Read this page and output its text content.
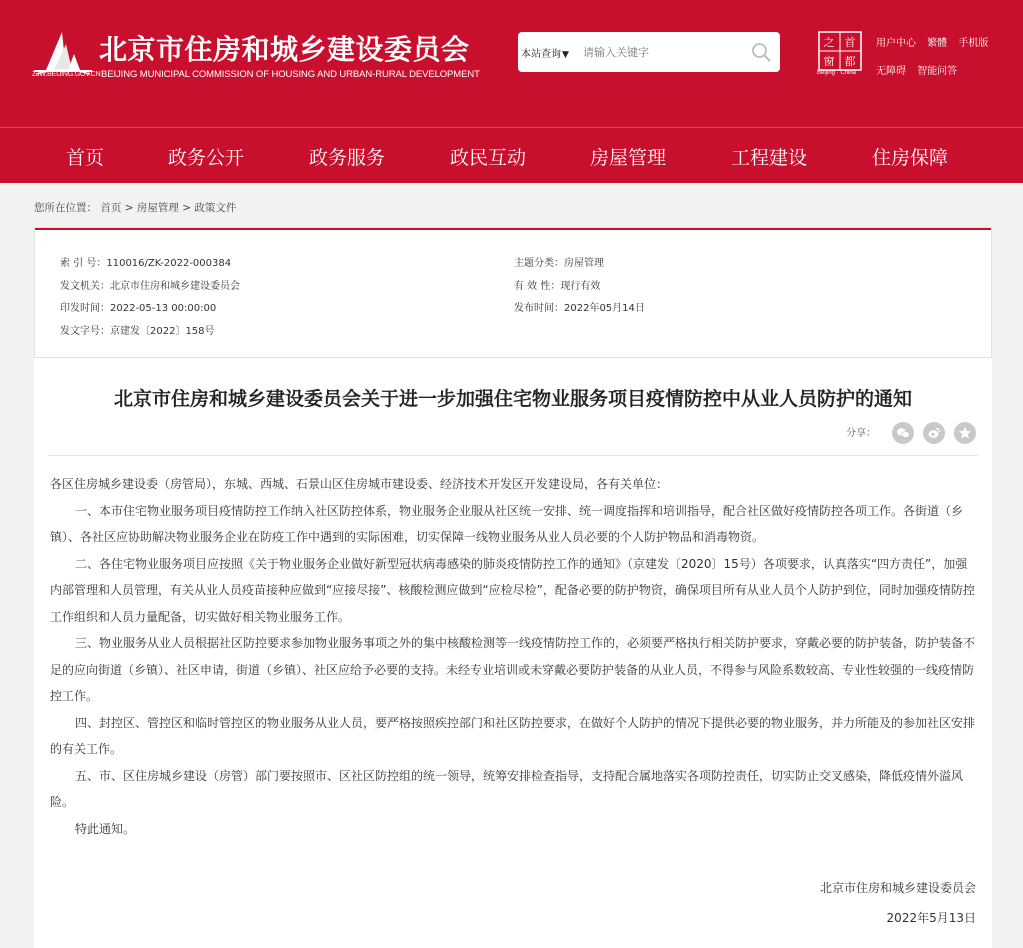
ZJW.BEIJING.GOV.CN
北京市住房和城乡建设委员会
BEIJING MUNICIPAL COMMISSION OF HOUSING AND URBAN-RURAL DEVELOPMENT
本站查询▼
请输入关键字
首
都
之
窗
Beijing · China
用户中心 繁體 手机版
无障碍 智能问答
首页	政务公开	政务服务	政民互动	房屋管理	工程建设	住房保障
您所在位置： 首页 > 房屋管理 > 政策文件
索 引 号：110016/ZK-2022-000384
发文机关：北京市住房和城乡建设委员会
印发时间：2022-05-13 00:00:00
发文字号：京建发〔2022〕158号
主题分类：房屋管理
有 效 性：现行有效
发布时间：2022年05月14日
北京市住房和城乡建设委员会关于进一步加强住宅物业服务项目疫情防控中从业人员防护的通知
分享：

各区住房城乡建设委（房管局），东城、西城、石景山区住房城市建设委、经济技术开发区开发建设局，各有关单位：

一、本市住宅物业服务项目疫情防控工作纳入社区防控体系，物业服务企业服从社区统一安排、统一调度指挥和培训指导，配合社区做好疫情防控各项工作。各街道（乡镇）、各社区应协助解决物业服务企业在防疫工作中遇到的实际困难，切实保障一线物业服务从业人员必要的个人防护物品和消毒物资。

二、各住宅物业服务项目应按照《关于物业服务企业做好新型冠状病毒感染的肺炎疫情防控工作的通知》（京建发〔2020〕15号）各项要求，认真落实“四方责任”，加强内部管理和人员管理，有关从业人员疫苗接种应做到“应接尽接”、核酸检测应做到“应检尽检”，配备必要的防护物资，确保项目所有从业人员个人防护到位，同时加强疫情防控工作组织和人员力量配备，切实做好相关物业服务工作。

三、物业服务从业人员根据社区防控要求参加物业服务事项之外的集中核酸检测等一线疫情防控工作的，必须要严格执行相关防护要求，穿戴必要的防护装备，防护装备不足的应向街道（乡镇）、社区申请，街道（乡镇）、社区应给予必要的支持。未经专业培训或未穿戴必要防护装备的从业人员，不得参与风险系数较高、专业性较强的一线疫情防控工作。

四、封控区、管控区和临时管控区的物业服务从业人员，要严格按照疾控部门和社区防控要求，在做好个人防护的情况下提供必要的物业服务，并力所能及的参加社区安排的有关工作。

五、市、区住房城乡建设（房管）部门要按照市、区社区防控组的统一领导，统筹安排检查指导，支持配合属地落实各项防控责任，切实防止交叉感染，降低疫情外溢风险。

特此通知。

北京市住房和城乡建设委员会
2022年5月13日
